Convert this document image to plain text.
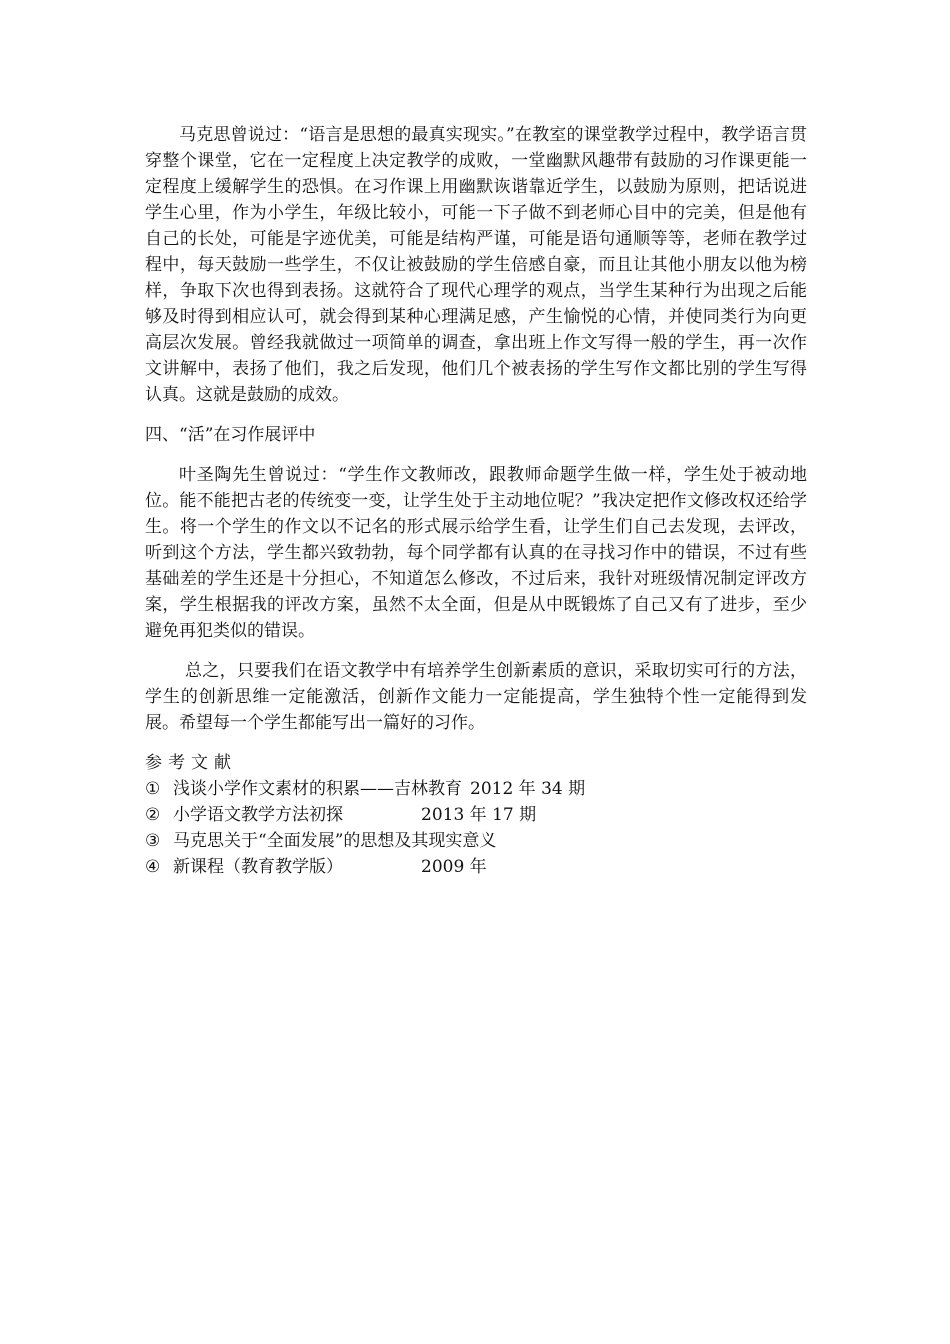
马克思曾说过：“语言是思想的最真实现实。”在教室的课堂教学过程中，教学语言贯穿整个课堂，它在一定程度上决定教学的成败，一堂幽默风趣带有鼓励的习作课更能一定程度上缓解学生的恐惧。在习作课上用幽默诙谐靠近学生，以鼓励为原则，把话说进学生心里，作为小学生，年级比较小，可能一下子做不到老师心目中的完美，但是他有自己的长处，可能是字迹优美，可能是结构严谨，可能是语句通顺等等，老师在教学过程中，每天鼓励一些学生，不仅让被鼓励的学生倍感自豪，而且让其他小朋友以他为榜样，争取下次也得到表扬。这就符合了现代心理学的观点，当学生某种行为出现之后能够及时得到相应认可，就会得到某种心理满足感，产生愉悦的心情，并使同类行为向更高层次发展。曾经我就做过一项简单的调查，拿出班上作文写得一般的学生，再一次作文讲解中，表扬了他们，我之后发现，他们几个被表扬的学生写作文都比别的学生写得认真。这就是鼓励的成效。

四、“活”在习作展评中

叶圣陶先生曾说过：“学生作文教师改，跟教师命题学生做一样，学生处于被动地位。能不能把古老的传统变一变，让学生处于主动地位呢？”我决定把作文修改权还给学生。将一个学生的作文以不记名的形式展示给学生看，让学生们自己去发现，去评改，听到这个方法，学生都兴致勃勃，每个同学都有认真的在寻找习作中的错误，不过有些基础差的学生还是十分担心，不知道怎么修改，不过后来，我针对班级情况制定评改方案，学生根据我的评改方案，虽然不太全面，但是从中既锻炼了自己又有了进步，至少避免再犯类似的错误。

总之，只要我们在语文教学中有培养学生创新素质的意识，采取切实可行的方法，学生的创新思维一定能激活，创新作文能力一定能提高，学生独特个性一定能得到发展。希望每一个学生都能写出一篇好的习作。

参考文献

① 浅谈小学作文素材的积累——吉林教育 2012 年 34 期
② 小学语文教学方法初探	2013 年 17 期
③ 马克思关于“全面发展”的思想及其现实意义
④ 新课程（教育教学版）	2009 年
